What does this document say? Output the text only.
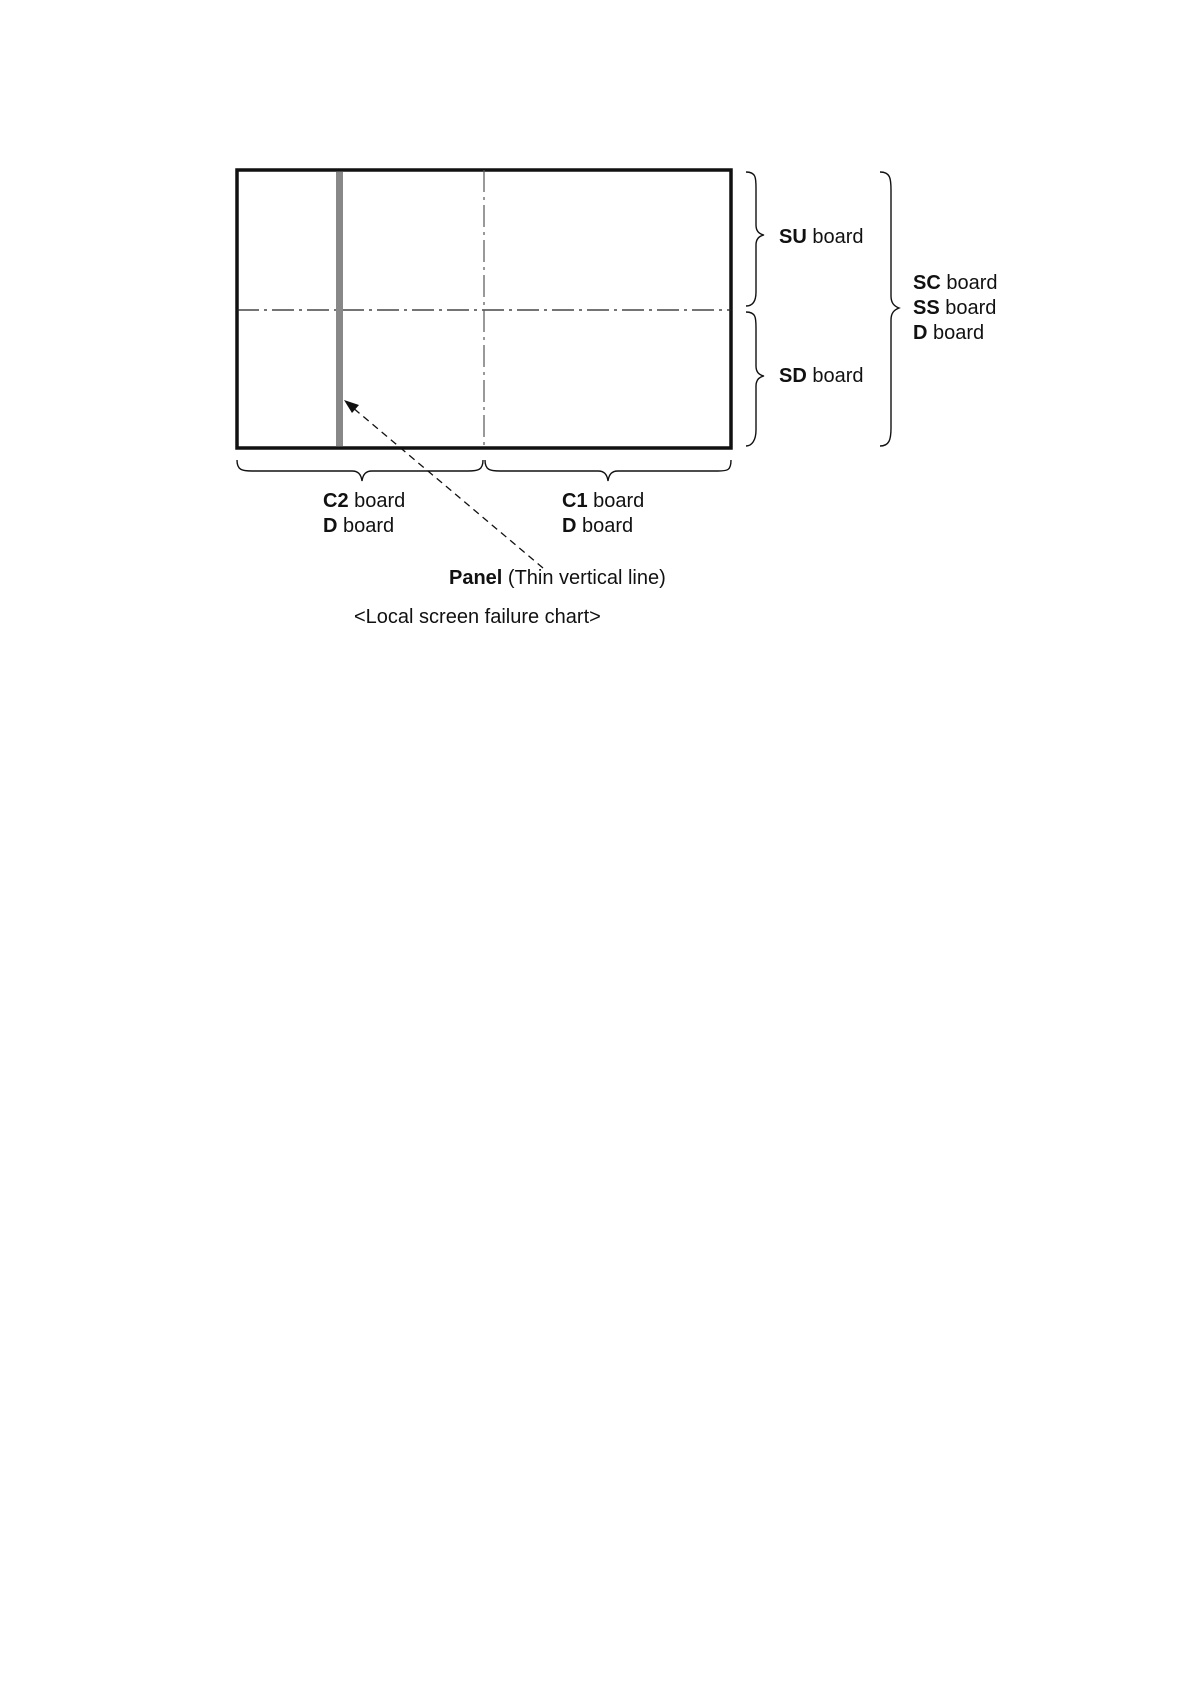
SU board
SD board
SC board
SS board
D board
C2 board
D board
C1 board
D board
Panel (Thin vertical line)
<Local screen failure chart>
